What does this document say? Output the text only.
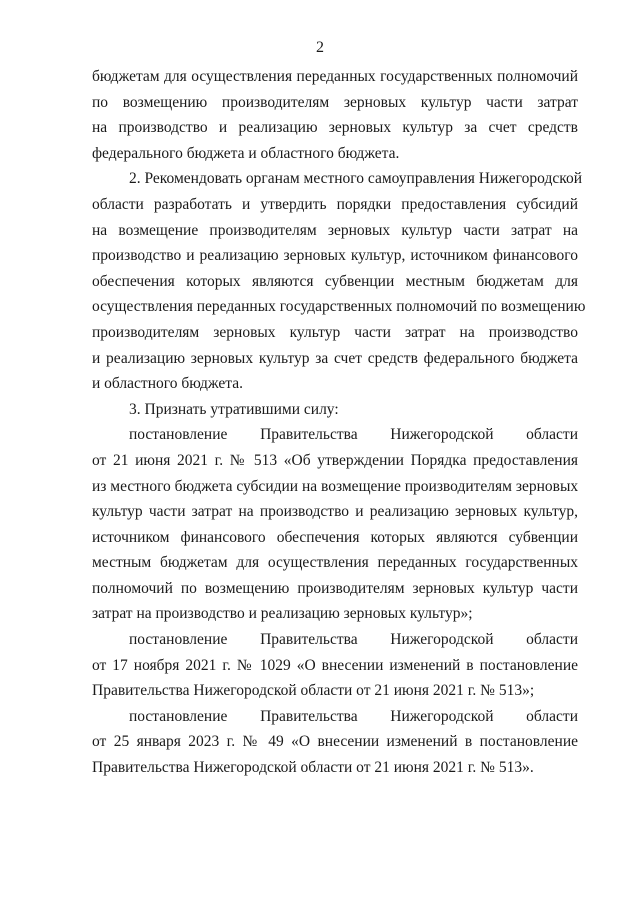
2
бюджетам для осуществления переданных государственных полномочий
по возмещению производителям зерновых культур части затрат
на производство и реализацию зерновых культур за счет средств
федерального бюджета и областного бюджета.
2. Рекомендовать органам местного самоуправления Нижегородской
области разработать и утвердить порядки предоставления субсидий
на возмещение производителям зерновых культур части затрат на
производство и реализацию зерновых культур, источником финансового
обеспечения которых являются субвенции местным бюджетам для
осуществления переданных государственных полномочий по возмещению
производителям зерновых культур части затрат на производство
и реализацию зерновых культур за счет средств федерального бюджета
и областного бюджета.
3. Признать утратившими силу:
постановление Правительства Нижегородской области
от 21 июня 2021 г. № 513 «Об утверждении Порядка предоставления
из местного бюджета субсидии на возмещение производителям зерновых
культур части затрат на производство и реализацию зерновых культур,
источником финансового обеспечения которых являются субвенции
местным бюджетам для осуществления переданных государственных
полномочий по возмещению производителям зерновых культур части
затрат на производство и реализацию зерновых культур»;
постановление Правительства Нижегородской области
от 17 ноября 2021 г. № 1029 «О внесении изменений в постановление
Правительства Нижегородской области от 21 июня 2021 г. № 513»;
постановление Правительства Нижегородской области
от 25 января 2023 г. № 49 «О внесении изменений в постановление
Правительства Нижегородской области от 21 июня 2021 г. № 513».
